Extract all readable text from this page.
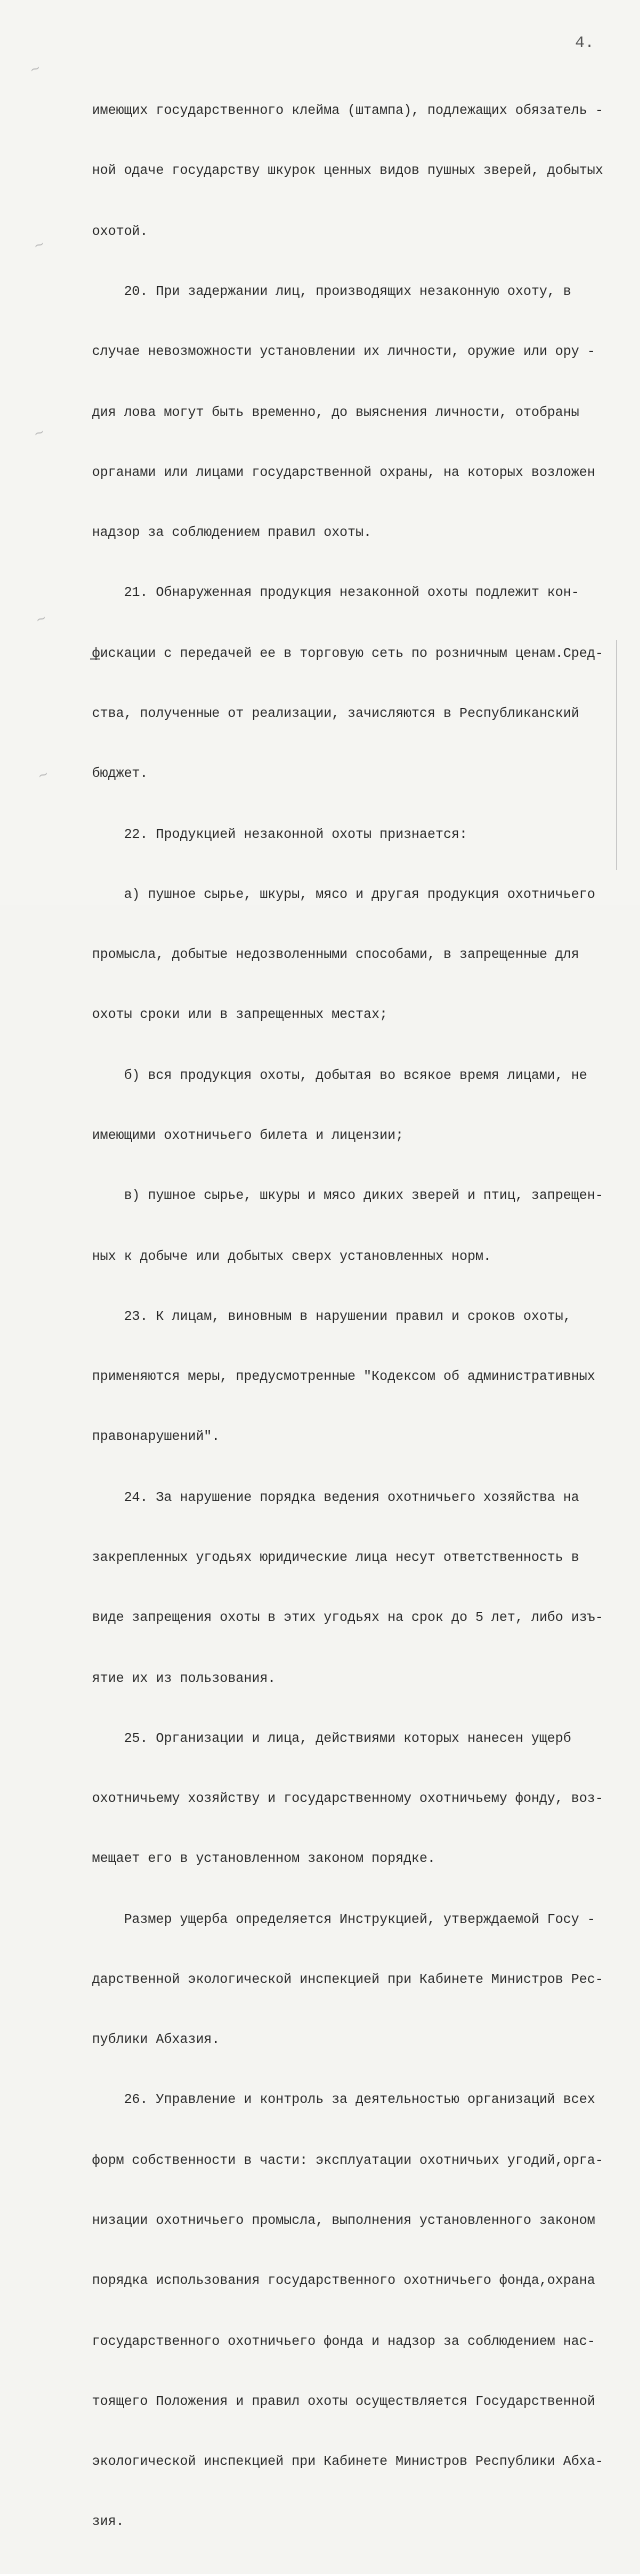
4.
~
~
~
~
~

имеющих государственного клейма (штампа), подлежащих обязатель -

ной одаче государству шкурок ценных видов пушных зверей, добытых

охотой.

20. При задержании лиц, производящих незаконную охоту, в

случае невозможности установлении их личности, оружие или ору -

дия лова могут быть временно, до выяснения личности, отобраны

органами или лицами государственной охраны, на которых возложен

надзор за соблюдением правил охоты.

21. Обнаруженная продукция незаконной охоты подлежит кон-

фискации с передачей ее в торговую сеть по розничным ценам.Сред-

ства, полученные от реализации, зачисляются в Республиканский

бюджет.

22. Продукцией незаконной охоты признается:

а) пушное сырье, шкуры, мясо и другая продукция охотничьего

промысла, добытые недозволенными способами, в запрещенные для

охоты сроки или в запрещенных местах;

б) вся продукция охоты, добытая во всякое время лицами, не

имеющими охотничьего билета и лицензии;

в) пушное сырье, шкуры и мясо диких зверей и птиц, запрещен-

ных к добыче или добытых сверх установленных норм.

23. К лицам, виновным в нарушении правил и сроков охоты,

применяются меры, предусмотренные "Кодексом об административных

правонарушений".

24. За нарушение порядка ведения охотничьего хозяйства на

закрепленных угодьях юридические лица несут ответственность в

виде запрещения охоты в этих угодьях на срок до 5 лет, либо изъ-

ятие их из пользования.

25. Организации и лица, действиями которых нанесен ущерб

охотничьему хозяйству и государственному охотничьему фонду, воз-

мещает его в установленном законом порядке.

Размер ущерба определяется Инструкцией, утверждаемой Госу -

дарственной экологической инспекцией при Кабинете Министров Рес-

публики Абхазия.

26. Управление и контроль за деятельностью организаций всех

форм собственности в части: эксплуатации охотничьих угодий,орга-

низации охотничьего промысла, выполнения установленного законом

порядка использования государственного охотничьего фонда,охрана

государственного охотничьего фонда и надзор за соблюдением нас-

тоящего Положения и правил охоты осуществляется Государственной

экологической инспекцией при Кабинете Министров Республики Абха-

зия.
